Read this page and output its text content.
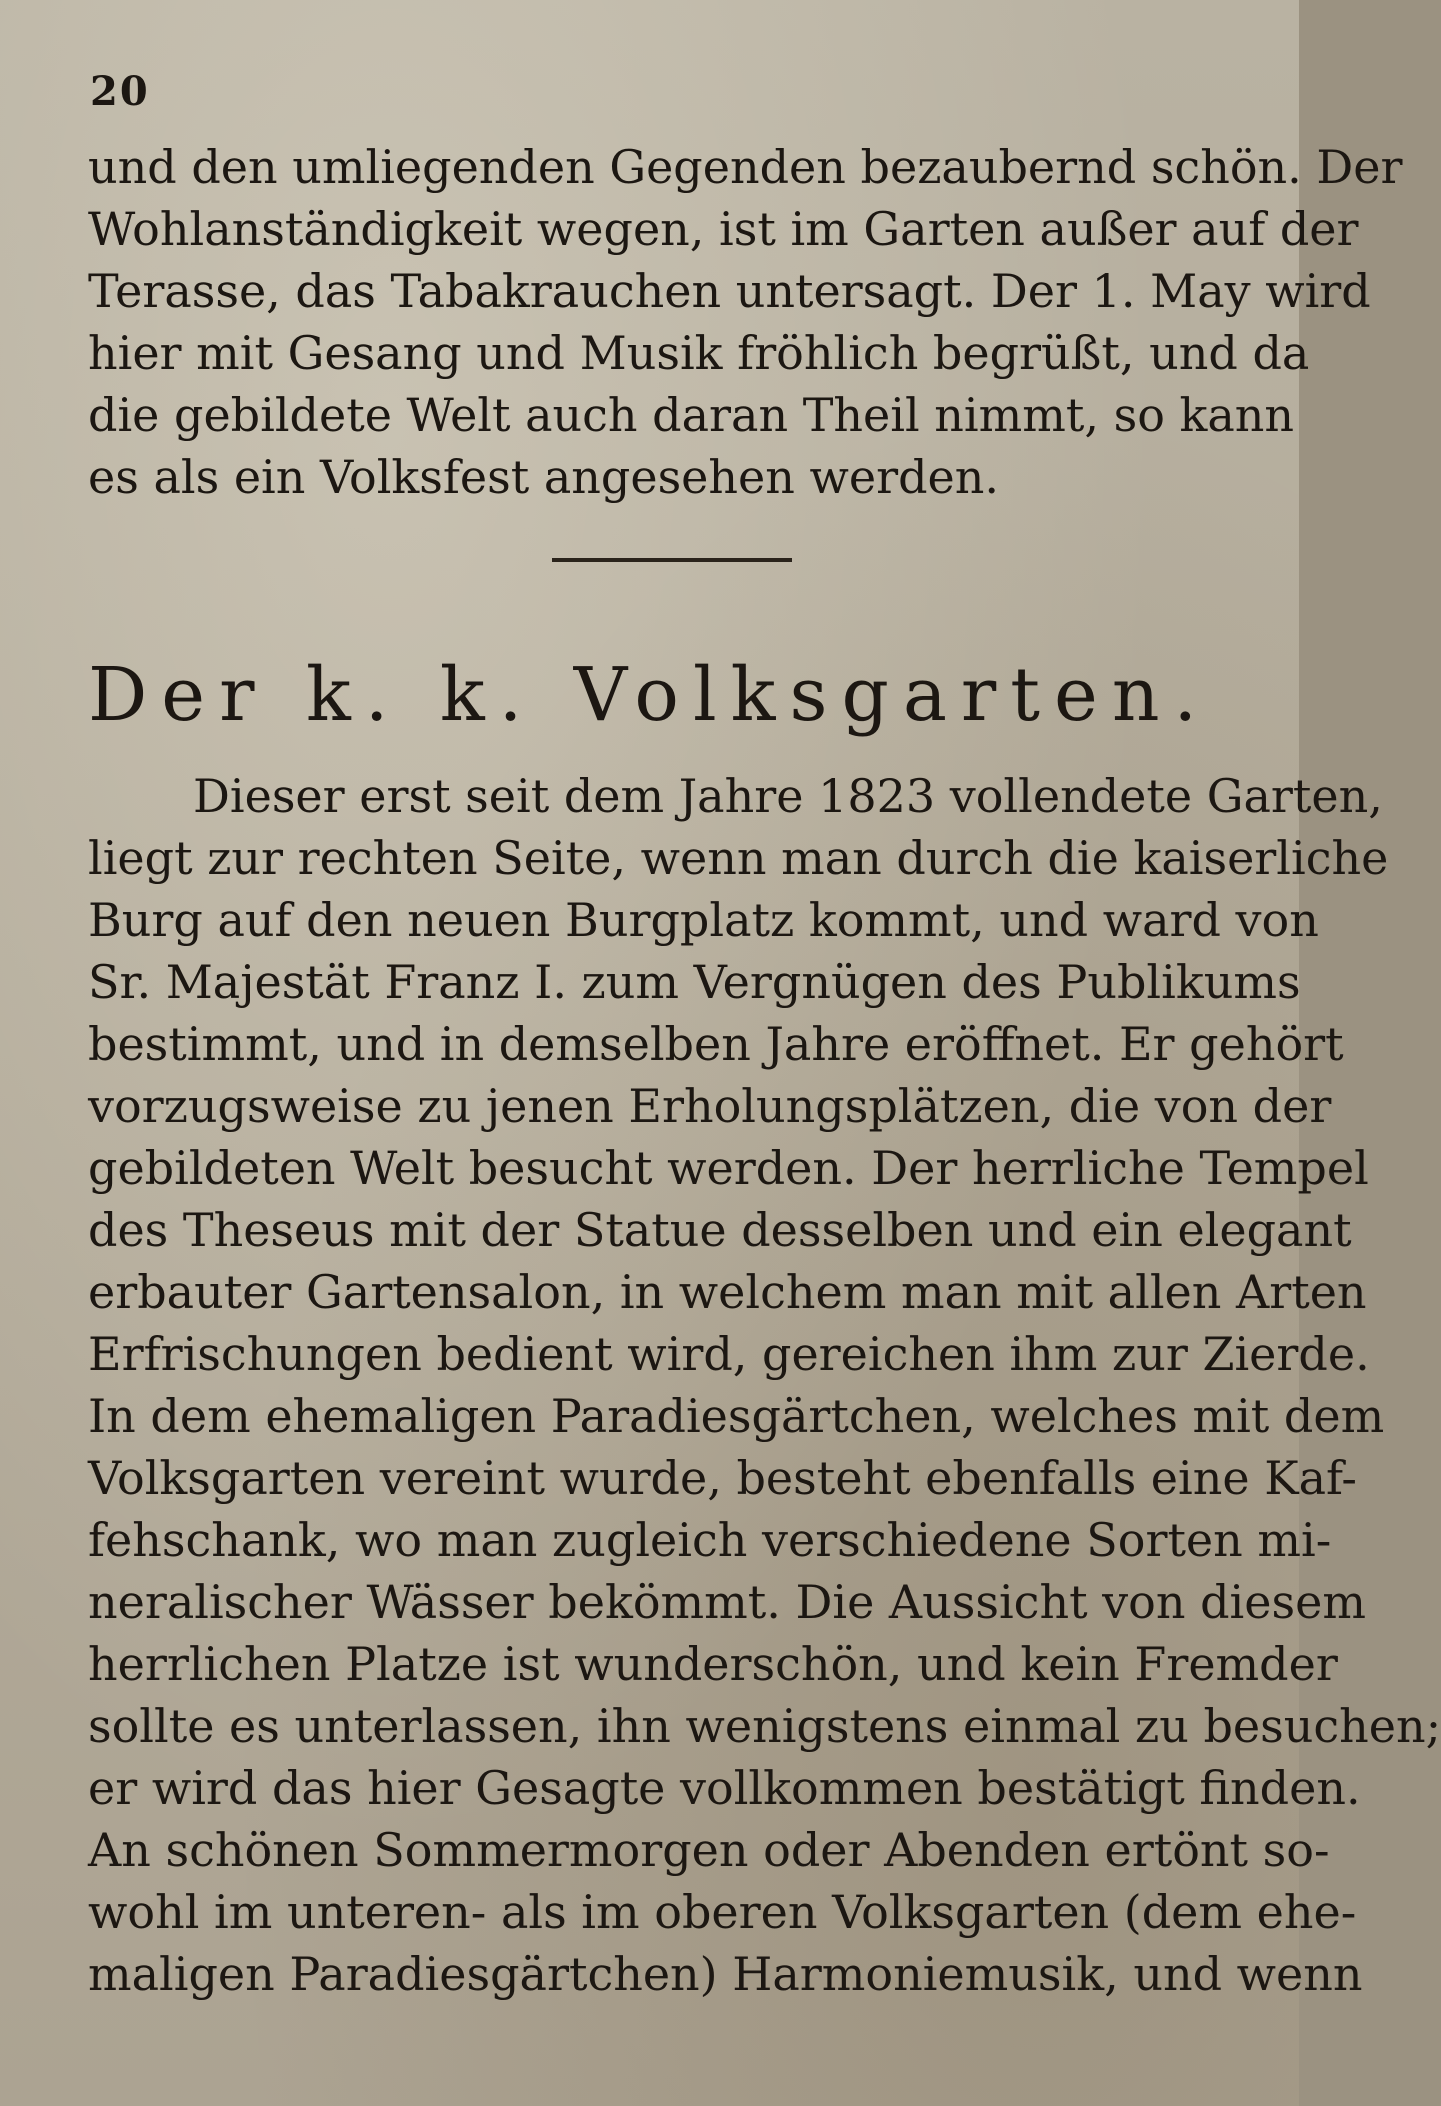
20
und den umliegenden Gegenden bezaubernd schön. Der
Wohlanständigkeit wegen, ist im Garten außer auf der
Terasse, das Tabakrauchen untersagt. Der 1. May wird
hier mit Gesang und Musik fröhlich begrüßt, und da
die gebildete Welt auch daran Theil nimmt, so kann
es als ein Volksfest angesehen werden.
Der k. k. Volksgarten.
Dieser erst seit dem Jahre 1823 vollendete Garten,
liegt zur rechten Seite, wenn man durch die kaiserliche
Burg auf den neuen Burgplatz kommt, und ward von
Sr. Majestät Franz I. zum Vergnügen des Publikums
bestimmt, und in demselben Jahre eröffnet. Er gehört
vorzugsweise zu jenen Erholungsplätzen, die von der
gebildeten Welt besucht werden. Der herrliche Tempel
des Theseus mit der Statue desselben und ein elegant
erbauter Gartensalon, in welchem man mit allen Arten
Erfrischungen bedient wird, gereichen ihm zur Zierde.
In dem ehemaligen Paradiesgärtchen, welches mit dem
Volksgarten vereint wurde, besteht ebenfalls eine Kaf-
fehschank, wo man zugleich verschiedene Sorten mi-
neralischer Wässer bekömmt. Die Aussicht von diesem
herrlichen Platze ist wunderschön, und kein Fremder
sollte es unterlassen, ihn wenigstens einmal zu besuchen;
er wird das hier Gesagte vollkommen bestätigt finden.
An schönen Sommermorgen oder Abenden ertönt so-
wohl im unteren- als im oberen Volksgarten (dem ehe-
maligen Paradiesgärtchen) Harmoniemusik, und wenn
